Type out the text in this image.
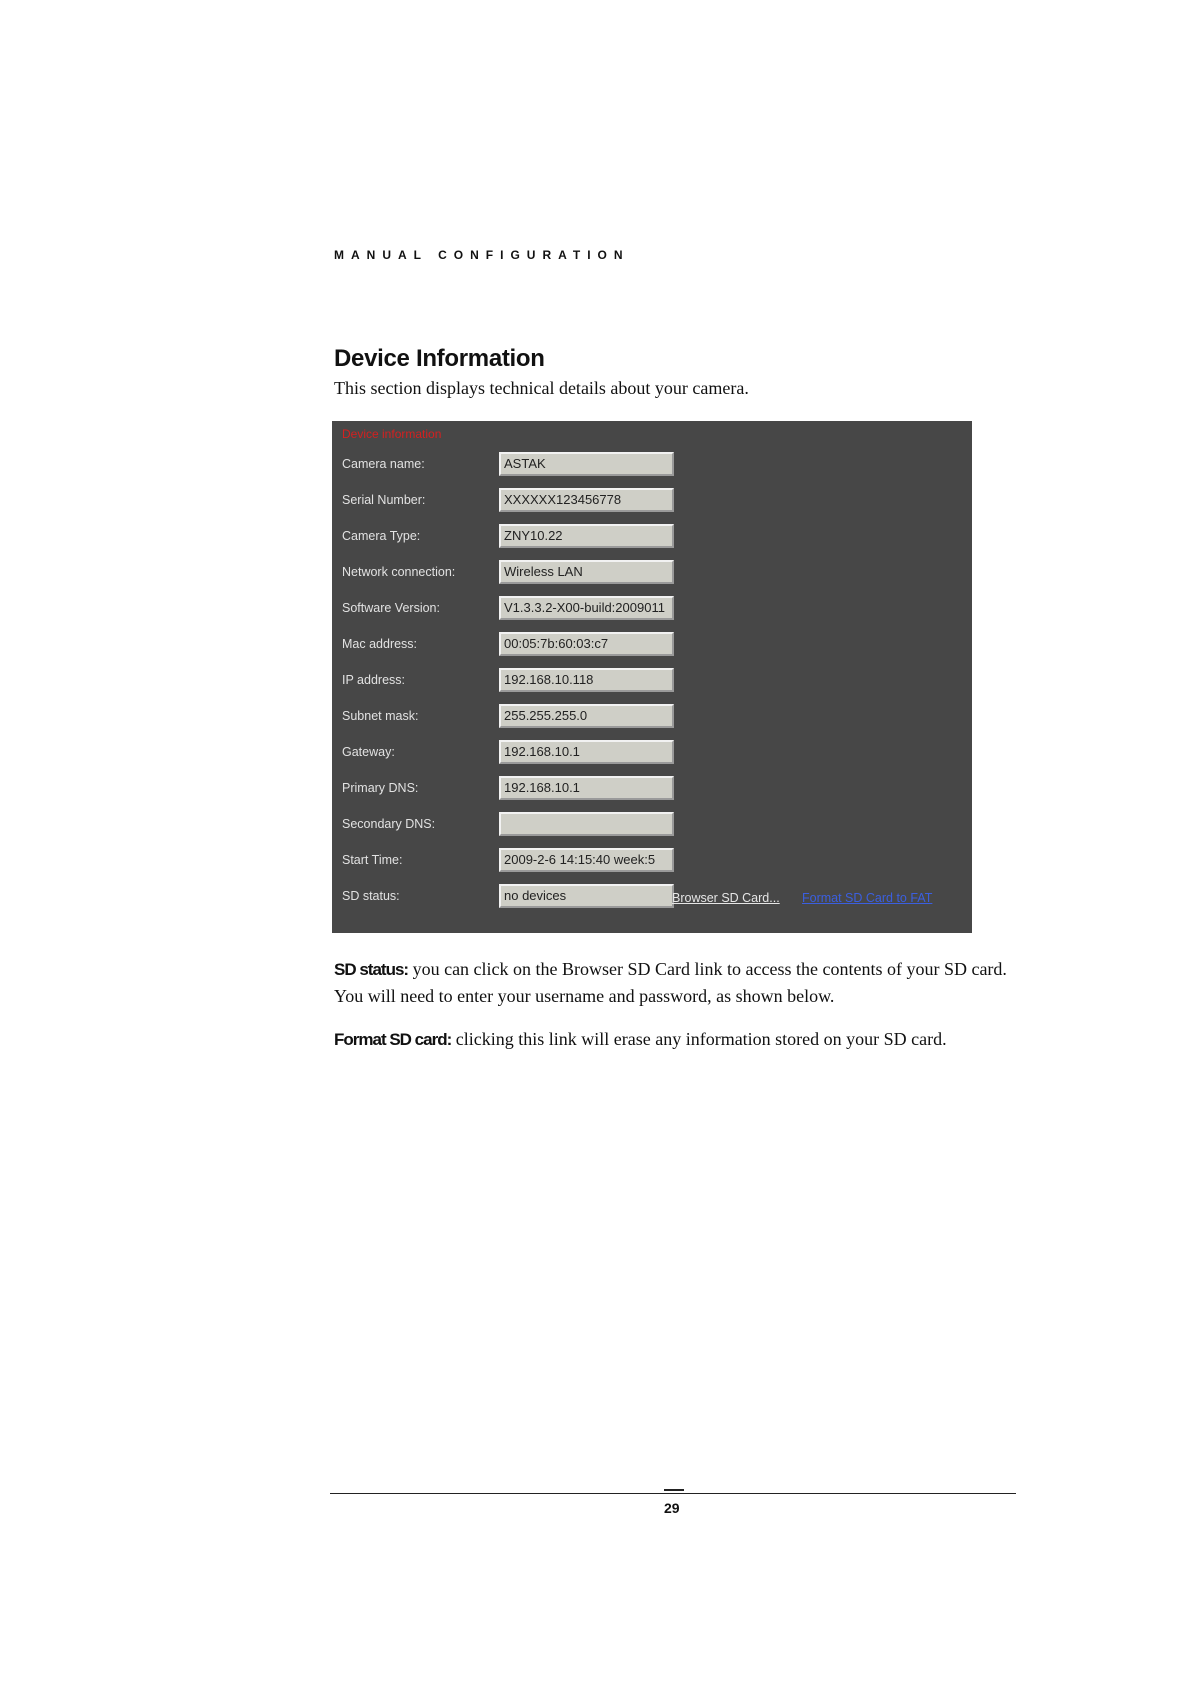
MANUAL CONFIGURATION
Device Information
This section displays technical details about your camera.
Device information
Camera name:	ASTAK
Serial Number:	XXXXXX123456778
Camera Type:	ZNY10.22
Network connection:	Wireless LAN
Software Version:	V1.3.3.2-X00-build:2009011
Mac address:	00:05:7b:60:03:c7
IP address:	192.168.10.118
Subnet mask:	255.255.255.0
Gateway:	192.168.10.1
Primary DNS:	192.168.10.1
Secondary DNS:
Start Time:	2009-2-6 14:15:40 week:5
SD status:	no devices	Browser SD Card... Format SD Card to FAT
SD status: you can click on the Browser SD Card link to access the contents of your SD card. You will need to enter your username and password, as shown below.
Format SD card: clicking this link will erase any information stored on your SD card.
29
